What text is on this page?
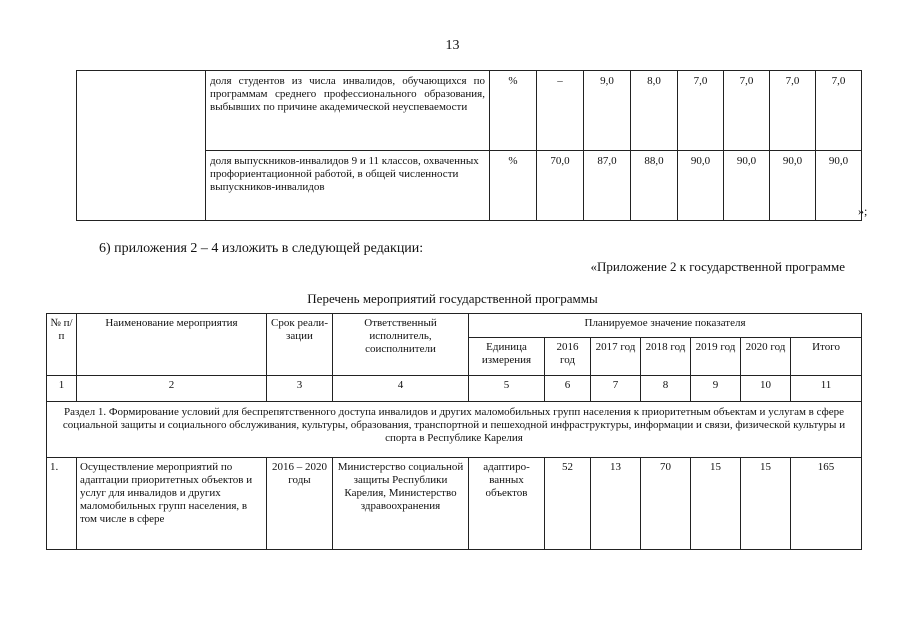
13
	доля студентов из числа инвалидов, обучающихся по программам среднего профессионального образования, выбывших по причине академической неуспеваемости	%	–	9,0	8,0	7,0	7,0	7,0	7,0
	доля выпускников-инвалидов 9 и 11 классов, охваченных профориентационной работой, в общей численности выпускников-инвалидов	%	70,0	87,0	88,0	90,0	90,0	90,0	90,0
»;
6) приложения 2 – 4 изложить в следующей редакции:
«Приложение 2 к государственной программе
Перечень мероприятий государственной программы
№ п/п	Наименование мероприятия	Срок реали-зации	Ответственный исполнитель, соисполнители	Планируемое значение показателя						
				Единица измерения	2016 год	2017 год	2018 год	2019 год	2020 год	Итого
1	2	3	4	5	6	7	8	9	10	11
Раздел 1. Формирование условий для беспрепятственного доступа инвалидов и других маломобильных групп населения к приоритетным объектам и услугам в сфере социальной защиты и социального обслуживания, культуры, образования, транспортной и пешеходной инфраструктуры, информации и связи, физической культуры и спорта в Республике Карелия										
1.	Осуществление мероприятий по адаптации приоритетных объектов и услуг для инвалидов и других маломобильных групп населения, в том числе в сфере	2016 – 2020 годы	Министерство социальной защиты Республики Карелия, Министерство здравоохранения	адаптиро-ванных объектов	52	13	70	15	15	165
